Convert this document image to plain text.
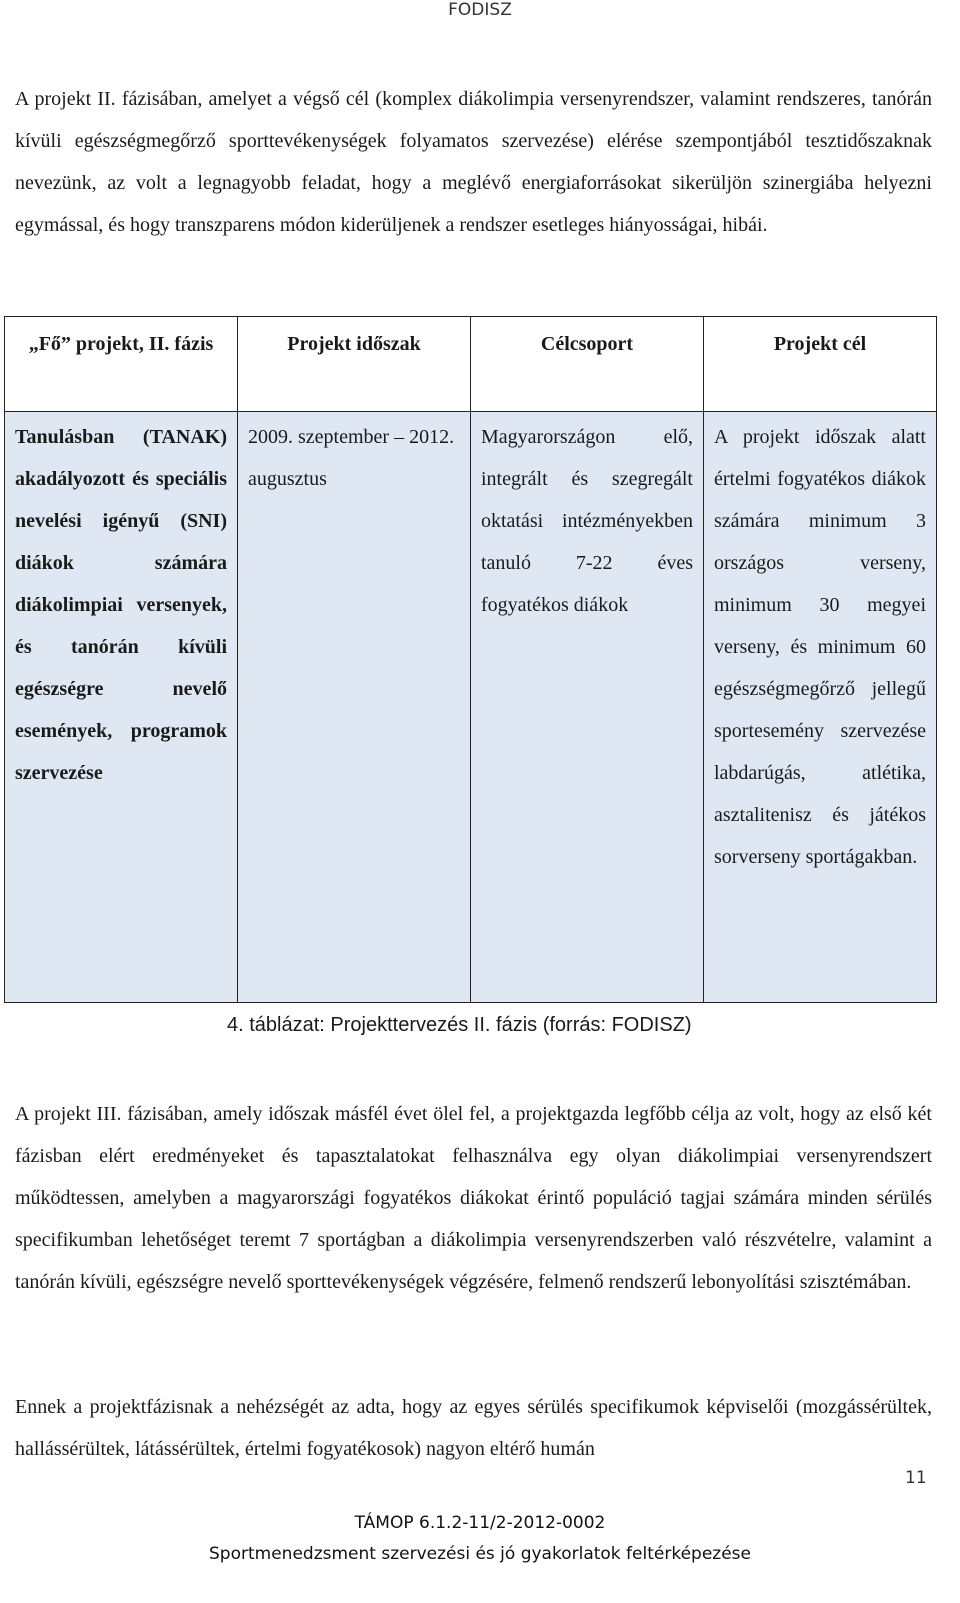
FODISZ

A projekt II. fázisában, amelyet a végső cél (komplex diákolimpia versenyrendszer, valamint rendszeres, tanórán kívüli egészségmegőrző sporttevékenységek folyamatos szervezése) elérése szempontjából tesztidőszaknak nevezünk, az volt a legnagyobb feladat, hogy a meglévő energiaforrásokat sikerüljön szinergiába helyezni egymással, és hogy transzparens módon kiderüljenek a rendszer esetleges hiányosságai, hibái.

„Fő” projekt, II. fázis	Projekt időszak	Célcsoport	Projekt cél
Tanulásban (TANAK) akadályozott és speciális nevelési igényű (SNI) diákok számára diákolimpiai versenyek, és tanórán kívüli egészségre nevelő események, programok szervezése	2009. szeptember – 2012. augusztus	Magyarországon elő, integrált és szegregált oktatási intézményekben tanuló 7-22 éves fogyatékos diákok	A projekt időszak alatt értelmi fogyatékos diákok számára minimum 3 országos verseny, minimum 30 megyei verseny, és minimum 60 egészségmegőrző jellegű sportesemény szervezése labdarúgás, atlétika, asztalitenisz és játékos sorverseny sportágakban.
4. táblázat: Projekttervezés II. fázis (forrás: FODISZ)

A projekt III. fázisában, amely időszak másfél évet ölel fel, a projektgazda legfőbb célja az volt, hogy az első két fázisban elért eredményeket és tapasztalatokat felhasználva egy olyan diákolimpiai versenyrendszert működtessen, amelyben a magyarországi fogyatékos diákokat érintő populáció tagjai számára minden sérülés specifikumban lehetőséget teremt 7 sportágban a diákolimpia versenyrendszerben való részvételre, valamint a tanórán kívüli, egészségre nevelő sporttevékenységek végzésére, felmenő rendszerű lebonyolítási szisztémában.

Ennek a projektfázisnak a nehézségét az adta, hogy az egyes sérülés specifikumok képviselői (mozgássérültek, hallássérültek, látássérültek, értelmi fogyatékosok) nagyon eltérő humán

11
TÁMOP 6.1.2-11/2-2012-0002
Sportmenedzsment szervezési és jó gyakorlatok feltérképezése
